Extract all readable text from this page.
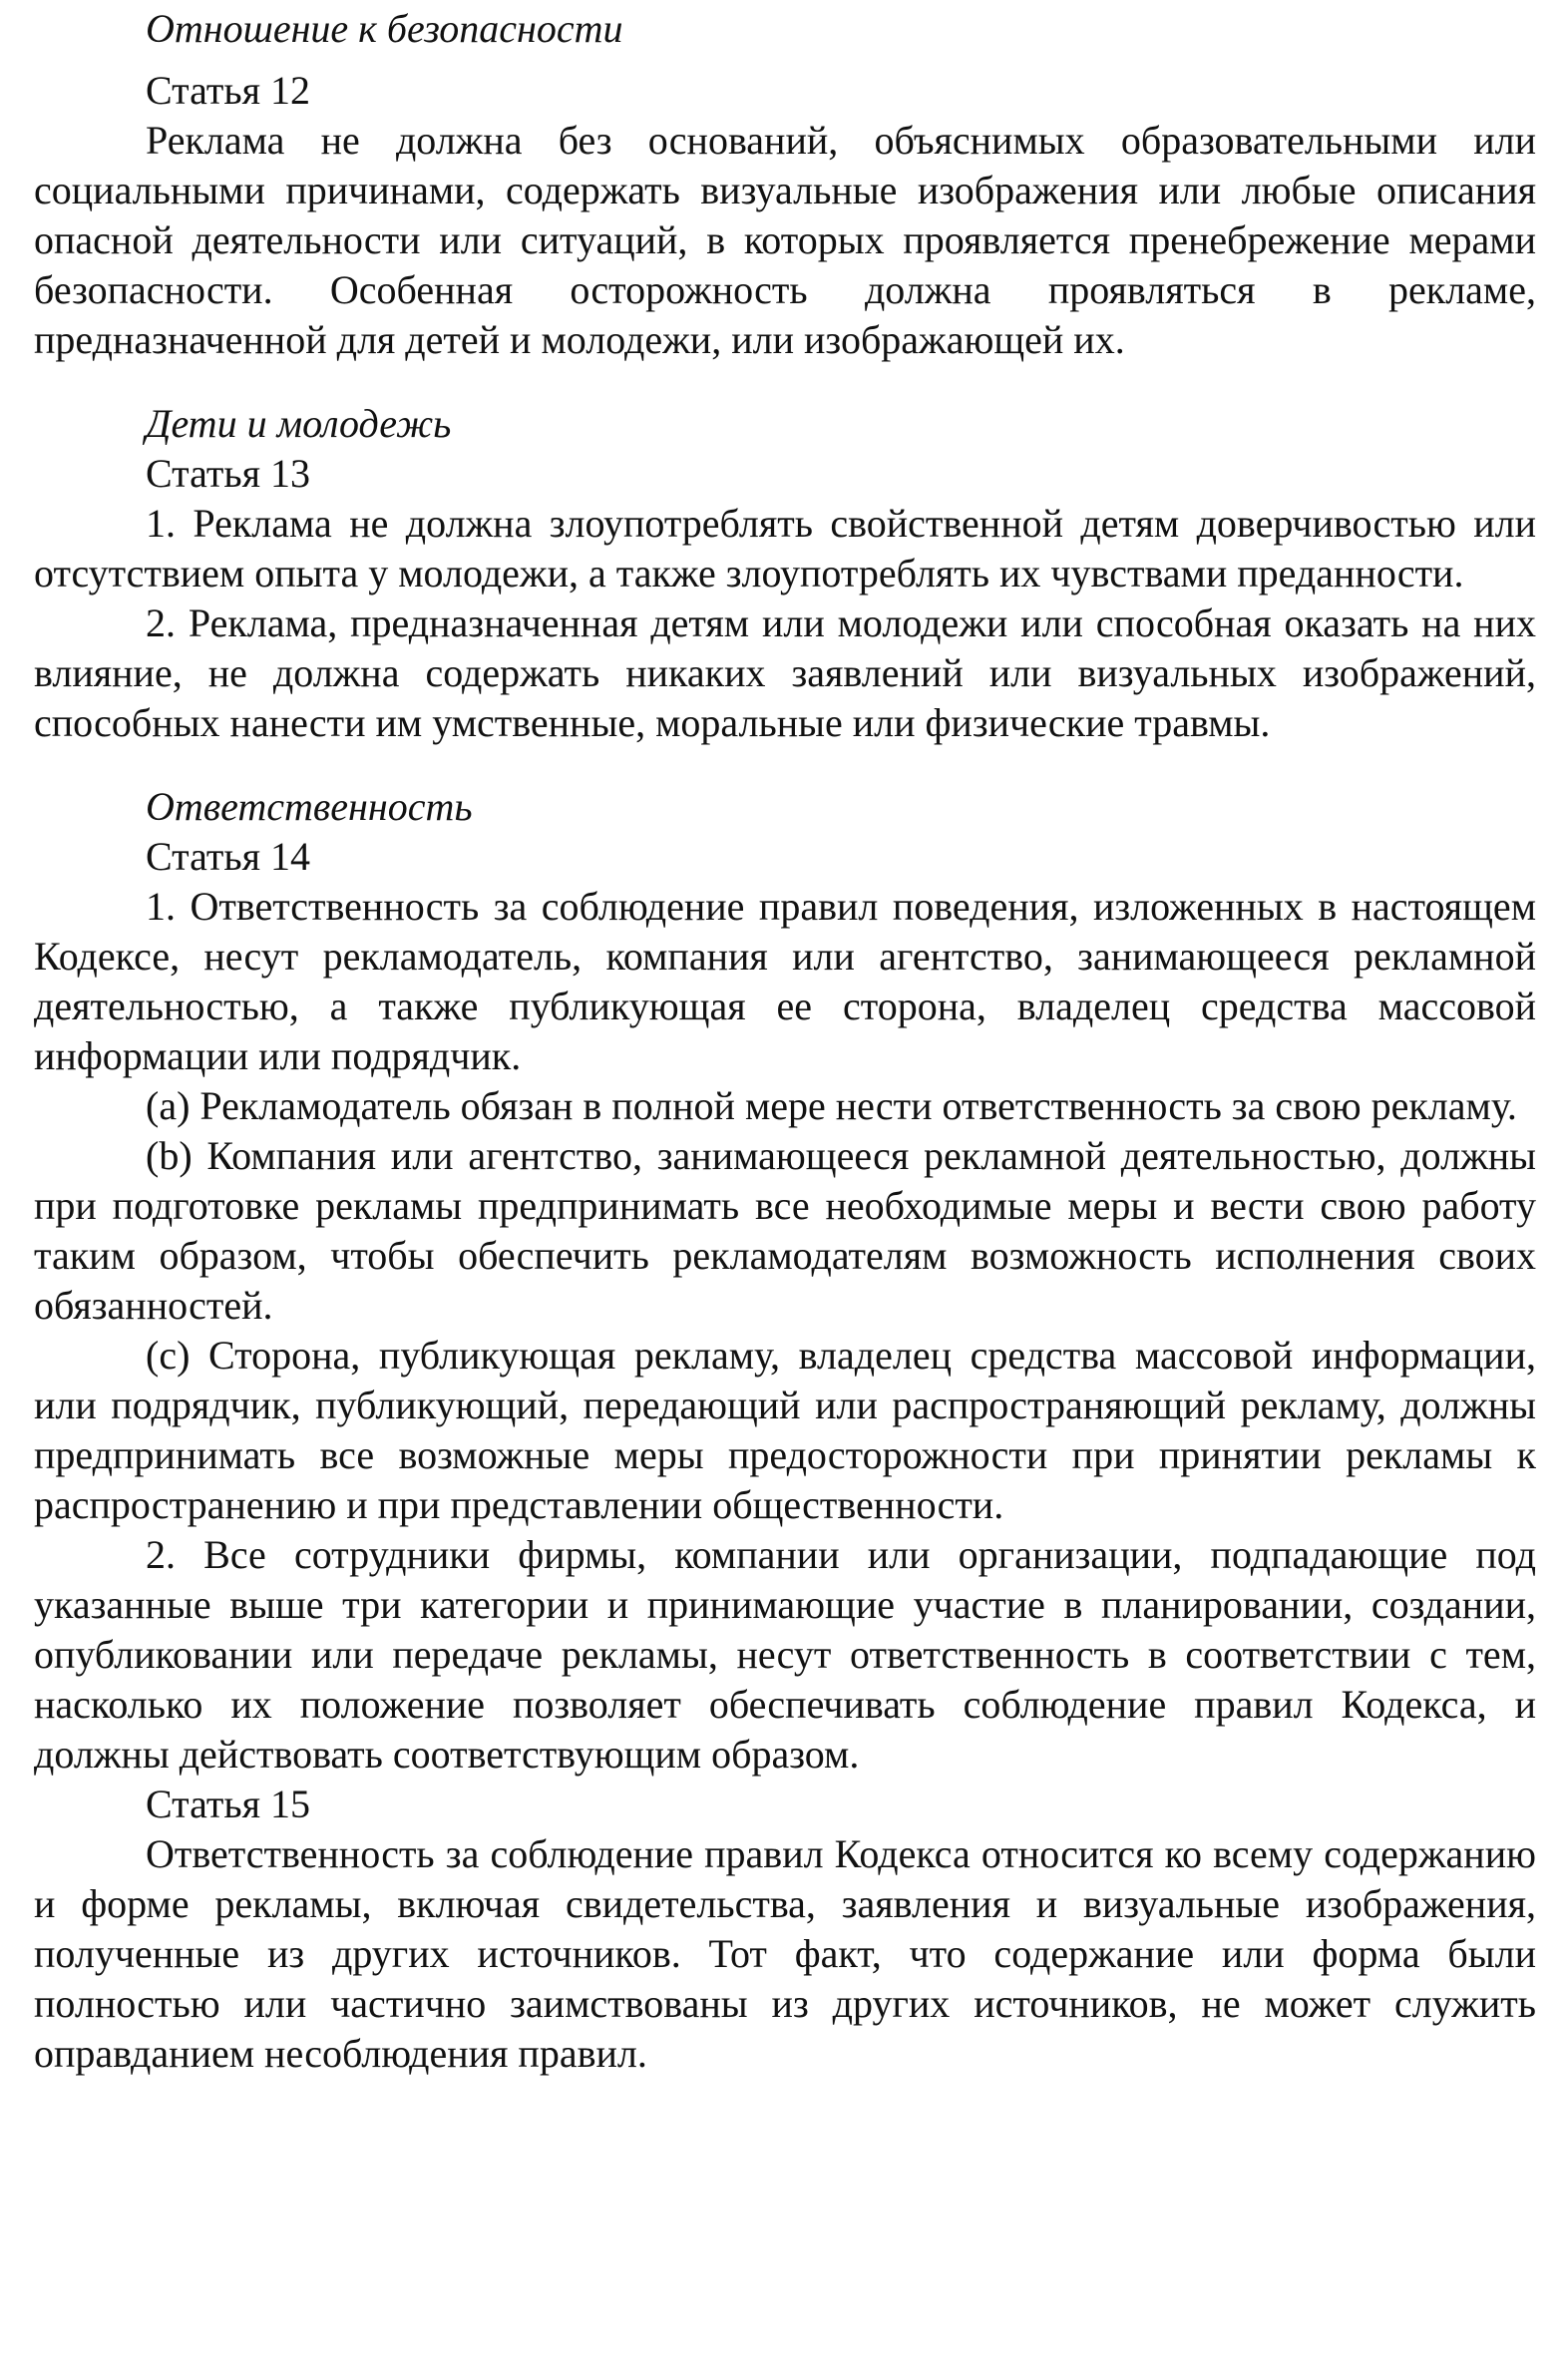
Отношение к безопасности

Статья 12

Реклама не должна без оснований, объяснимых образовательными или социальными причинами, содержать визуальные изображения или любые описания опасной деятельности или ситуаций, в которых проявляется пренебрежение мерами безопасности. Особенная осторожность должна проявляться в рекламе, предназначенной для детей и молодежи, или изображающей их.

Дети и молодежь

Статья 13

1. Реклама не должна злоупотреблять свойственной детям доверчивостью или отсутствием опыта у молодежи, а также злоупотреблять их чувствами преданности.

2. Реклама, предназначенная детям или молодежи или способная оказать на них влияние, не должна содержать никаких заявлений или визуальных изображений, способных нанести им умственные, моральные или физические травмы.

Ответственность

Статья 14

1. Ответственность за соблюдение правил поведения, изложенных в настоящем Кодексе, несут рекламодатель, компания или агентство, занимающееся рекламной деятельностью, а также публикующая ее сторона, владелец средства массовой информации или подрядчик.

(a) Рекламодатель обязан в полной мере нести ответственность за свою рекламу.

(b) Компания или агентство, занимающееся рекламной деятельностью, должны при подготовке рекламы предпринимать все необходимые меры и вести свою работу таким образом, чтобы обеспечить рекламодателям возможность исполнения своих обязанностей.

(c) Сторона, публикующая рекламу, владелец средства массовой информации, или подрядчик, публикующий, передающий или распространяющий рекламу, должны предпринимать все возможные меры предосторожности при принятии рекламы к распространению и при представлении общественности.

2. Все сотрудники фирмы, компании или организации, подпадающие под указанные выше три категории и принимающие участие в планировании, создании, опубликовании или передаче рекламы, несут ответственность в соответствии с тем, насколько их положение позволяет обеспечивать соблюдение правил Кодекса, и должны действовать соответствующим образом.

Статья 15

Ответственность за соблюдение правил Кодекса относится ко всему содержанию и форме рекламы, включая свидетельства, заявления и визуальные изображения, полученные из других источников. Тот факт, что содержание или форма были полностью или частично заимствованы из других источников, не может служить оправданием несоблюдения правил.
